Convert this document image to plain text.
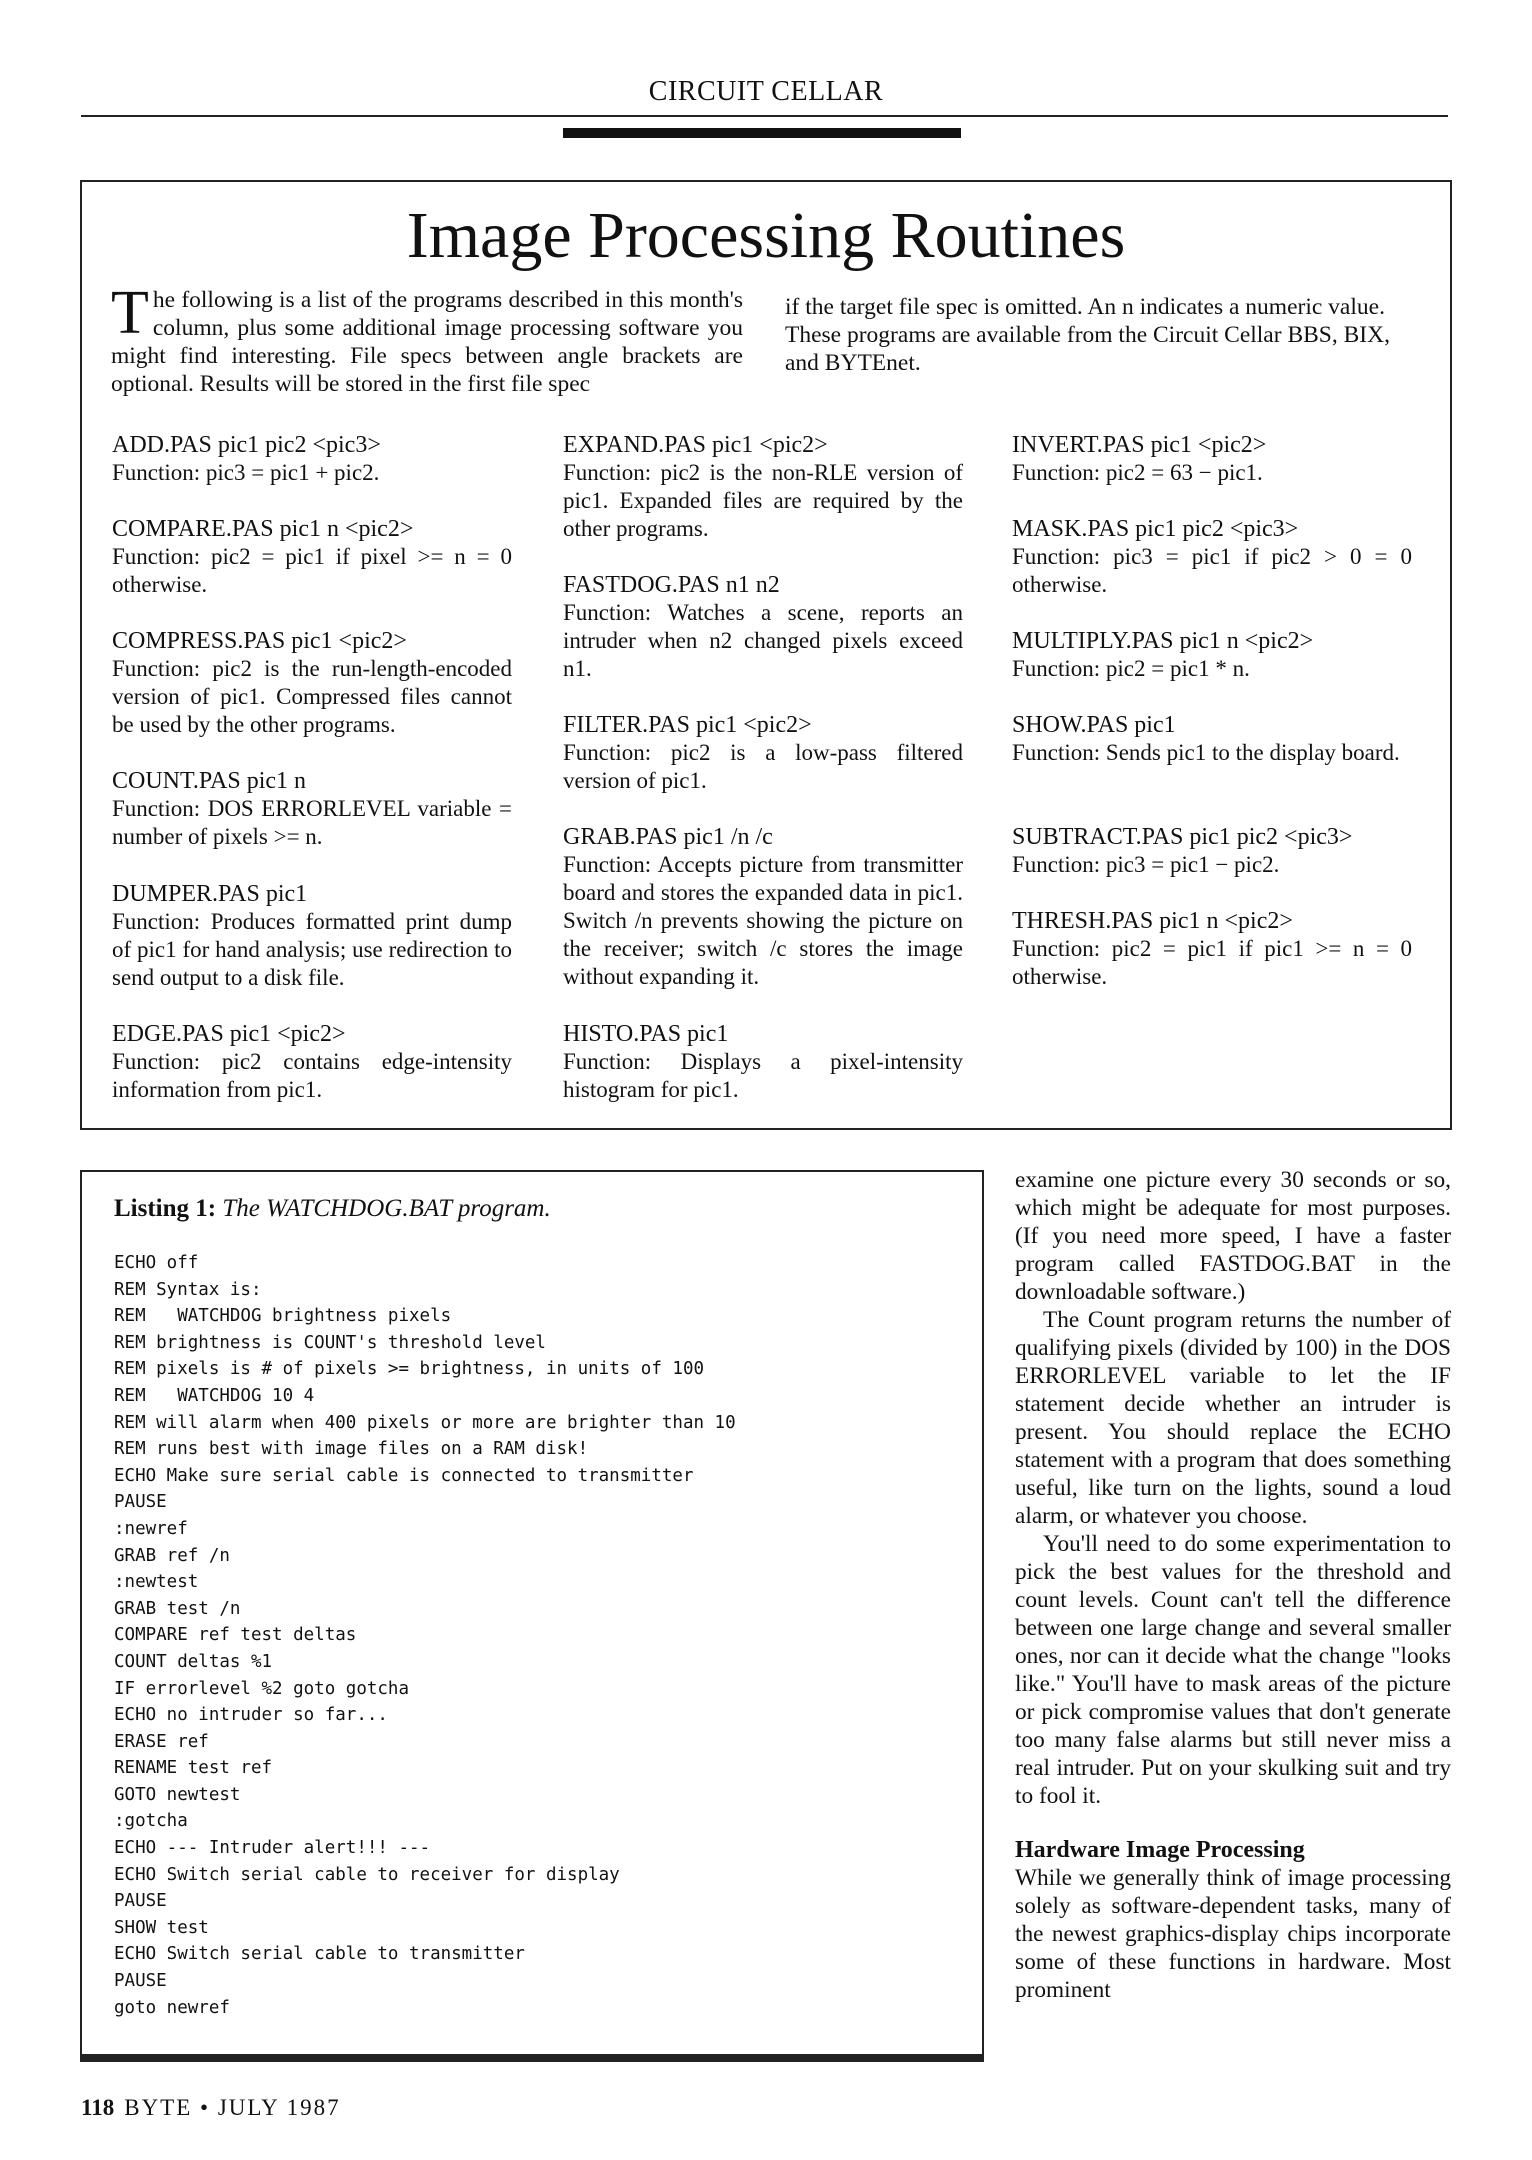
CIRCUIT CELLAR
Image Processing Routines
The following is a list of the programs described in this month's column, plus some additional image processing software you might find interesting. File specs between angle brackets are optional. Results will be stored in the first file spec
if the target file spec is omitted. An n indicates a numeric value. These programs are available from the Circuit Cellar BBS, BIX, and BYTEnet.
ADD.PAS pic1 pic2 <pic3>
Function: pic3 = pic1 + pic2.
COMPARE.PAS pic1 n <pic2>
Function: pic2 = pic1 if pixel >= n = 0 otherwise.
COMPRESS.PAS pic1 <pic2>
Function: pic2 is the run-length-encoded version of pic1. Compressed files cannot be used by the other programs.
COUNT.PAS pic1 n
Function: DOS ERRORLEVEL variable = number of pixels >= n.
DUMPER.PAS pic1
Function: Produces formatted print dump of pic1 for hand analysis; use redirection to send output to a disk file.
EDGE.PAS pic1 <pic2>
Function: pic2 contains edge-intensity information from pic1.
EXPAND.PAS pic1 <pic2>
Function: pic2 is the non-RLE version of pic1. Expanded files are required by the other programs.
FASTDOG.PAS n1 n2
Function: Watches a scene, reports an intruder when n2 changed pixels exceed n1.
FILTER.PAS pic1 <pic2>
Function: pic2 is a low-pass filtered version of pic1.
GRAB.PAS pic1 /n /c
Function: Accepts picture from transmitter board and stores the expanded data in pic1. Switch /n prevents showing the picture on the receiver; switch /c stores the image without expanding it.
HISTO.PAS pic1
Function: Displays a pixel-intensity histogram for pic1.
INVERT.PAS pic1 <pic2>
Function: pic2 = 63 − pic1.
MASK.PAS pic1 pic2 <pic3>
Function: pic3 = pic1 if pic2 > 0 = 0 otherwise.
MULTIPLY.PAS pic1 n <pic2>
Function: pic2 = pic1 * n.
SHOW.PAS pic1
Function: Sends pic1 to the display board.
SUBTRACT.PAS pic1 pic2 <pic3>
Function: pic3 = pic1 − pic2.
THRESH.PAS pic1 n <pic2>
Function: pic2 = pic1 if pic1 >= n = 0 otherwise.
Listing 1: The WATCHDOG.BAT program.
ECHO off
REM Syntax is:
REM   WATCHDOG brightness pixels
REM brightness is COUNT's threshold level
REM pixels is # of pixels >= brightness, in units of 100
REM   WATCHDOG 10 4
REM will alarm when 400 pixels or more are brighter than 10
REM runs best with image files on a RAM disk!
ECHO Make sure serial cable is connected to transmitter
PAUSE
:newref
GRAB ref /n
:newtest
GRAB test /n
COMPARE ref test deltas
COUNT deltas %1
IF errorlevel %2 goto gotcha
ECHO no intruder so far...
ERASE ref
RENAME test ref
GOTO newtest
:gotcha
ECHO --- Intruder alert!!! ---
ECHO Switch serial cable to receiver for display
PAUSE
SHOW test
ECHO Switch serial cable to transmitter
PAUSE
goto newref

examine one picture every 30 seconds or so, which might be adequate for most purposes. (If you need more speed, I have a faster program called FASTDOG.BAT in the downloadable software.)

The Count program returns the number of qualifying pixels (divided by 100) in the DOS ERRORLEVEL variable to let the IF statement decide whether an intruder is present. You should replace the ECHO statement with a program that does something useful, like turn on the lights, sound a loud alarm, or whatever you choose.

You'll need to do some experimentation to pick the best values for the threshold and count levels. Count can't tell the difference between one large change and several smaller ones, nor can it decide what the change "looks like." You'll have to mask areas of the picture or pick compromise values that don't generate too many false alarms but still never miss a real intruder. Put on your skulking suit and try to fool it.

Hardware Image Processing

While we generally think of image processing solely as software-dependent tasks, many of the newest graphics-display chips incorporate some of these functions in hardware. Most prominent

118 BYTE • JULY 1987
